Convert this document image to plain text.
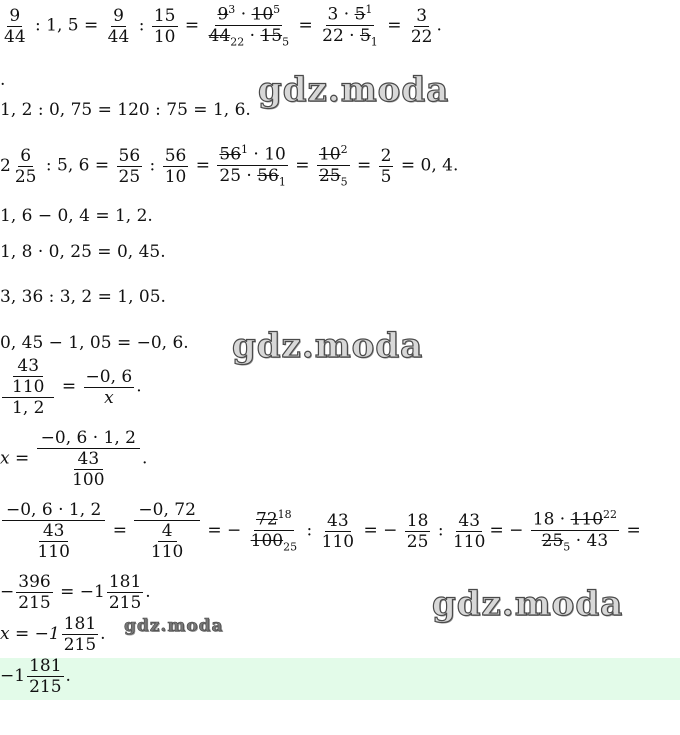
$\frac{9}{44}$ : 1, $5 = \frac{9}{44}$ : $\frac{15}{10} = \frac{9^3 \cdot 10^5}{44_{22} \cdot 15_5} = \frac{3 \cdot 5^1}{22 \cdot 5_1} = \frac{3}{22}$ .
.
1, 2 : 0, 75 = 120 : 75 = 1, 6.
$2 \frac{6}{25}$ : 5, $6 = \frac{56}{25}$ : $\frac{56}{10} = \frac{56^1 \cdot 10}{25 \cdot 56_1} = \frac{10^2}{25_5} = \frac{2}{5} = 0$, 4.
1, 6 − 0, 4 = 1, 2.
1, 8 · 0, 25 = 0, 45.
3, 36 : 3, 2 = 1, 05.
0, 45 − 1, 05 = −0, 6.
$\frac{\frac{43}{110}}{1, 2} = \frac{-0, 6}{x}$ .
$x = \frac{-0, 6 \cdot 1, 2}{\frac{43}{100}}$ .
$\frac{-0, 6 \cdot 1, 2}{\frac{43}{110}} = \frac{-0, 72}{\frac{4}{110}}$ = − $\frac{72^{18}}{100_{25}}$ : $\frac{43}{110}$ = − $\frac{18}{25}$ : $\frac{43}{110}$ = − $\frac{18 \cdot 110^{22}}{25_5 \cdot 43}$ =
− $\frac{396}{215} = -1 \frac{181}{215}$ .
$x = -1 \frac{181}{215}$ .
$-1 \frac{181}{215}$ .
gdz.moda
gdz.moda
gdz.moda
gdz.moda
